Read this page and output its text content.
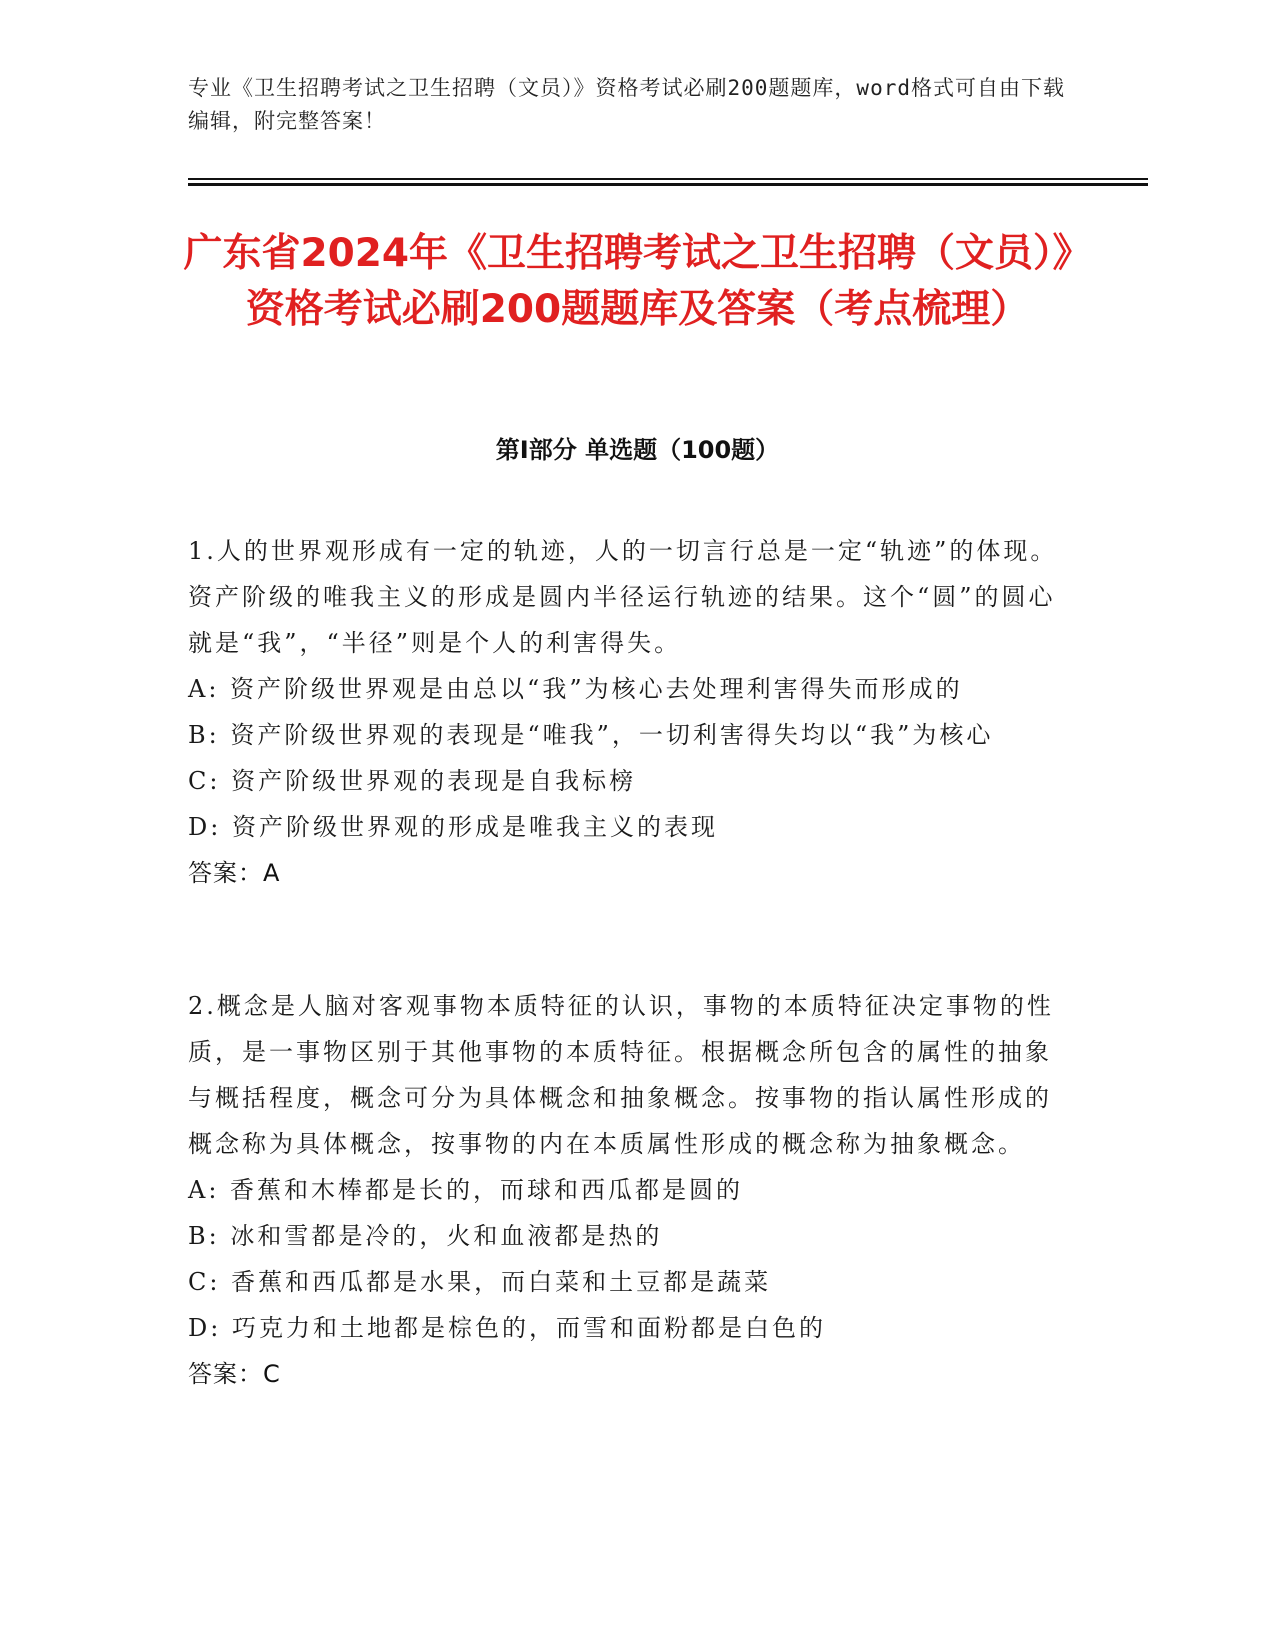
专业《卫生招聘考试之卫生招聘（文员）》资格考试必刷200题题库，word格式可自由下载编辑，附完整答案！
广东省2024年《卫生招聘考试之卫生招聘（文员）》资格考试必刷200题题库及答案（考点梳理）
第I部分 单选题（100题）

1.人的世界观形成有一定的轨迹，人的一切言行总是一定“轨迹”的体现。资产阶级的唯我主义的形成是圆内半径运行轨迹的结果。这个“圆”的圆心就是“我”，“半径”则是个人的利害得失。

A: 资产阶级世界观是由总以“我”为核心去处理利害得失而形成的

B: 资产阶级世界观的表现是“唯我”，一切利害得失均以“我”为核心

C: 资产阶级世界观的表现是自我标榜

D: 资产阶级世界观的形成是唯我主义的表现

答案：A

2.概念是人脑对客观事物本质特征的认识，事物的本质特征决定事物的性质，是一事物区别于其他事物的本质特征。根据概念所包含的属性的抽象与概括程度，概念可分为具体概念和抽象概念。按事物的指认属性形成的概念称为具体概念，按事物的内在本质属性形成的概念称为抽象概念。

A: 香蕉和木棒都是长的，而球和西瓜都是圆的

B: 冰和雪都是冷的，火和血液都是热的

C: 香蕉和西瓜都是水果，而白菜和土豆都是蔬菜

D: 巧克力和土地都是棕色的，而雪和面粉都是白色的

答案：C
